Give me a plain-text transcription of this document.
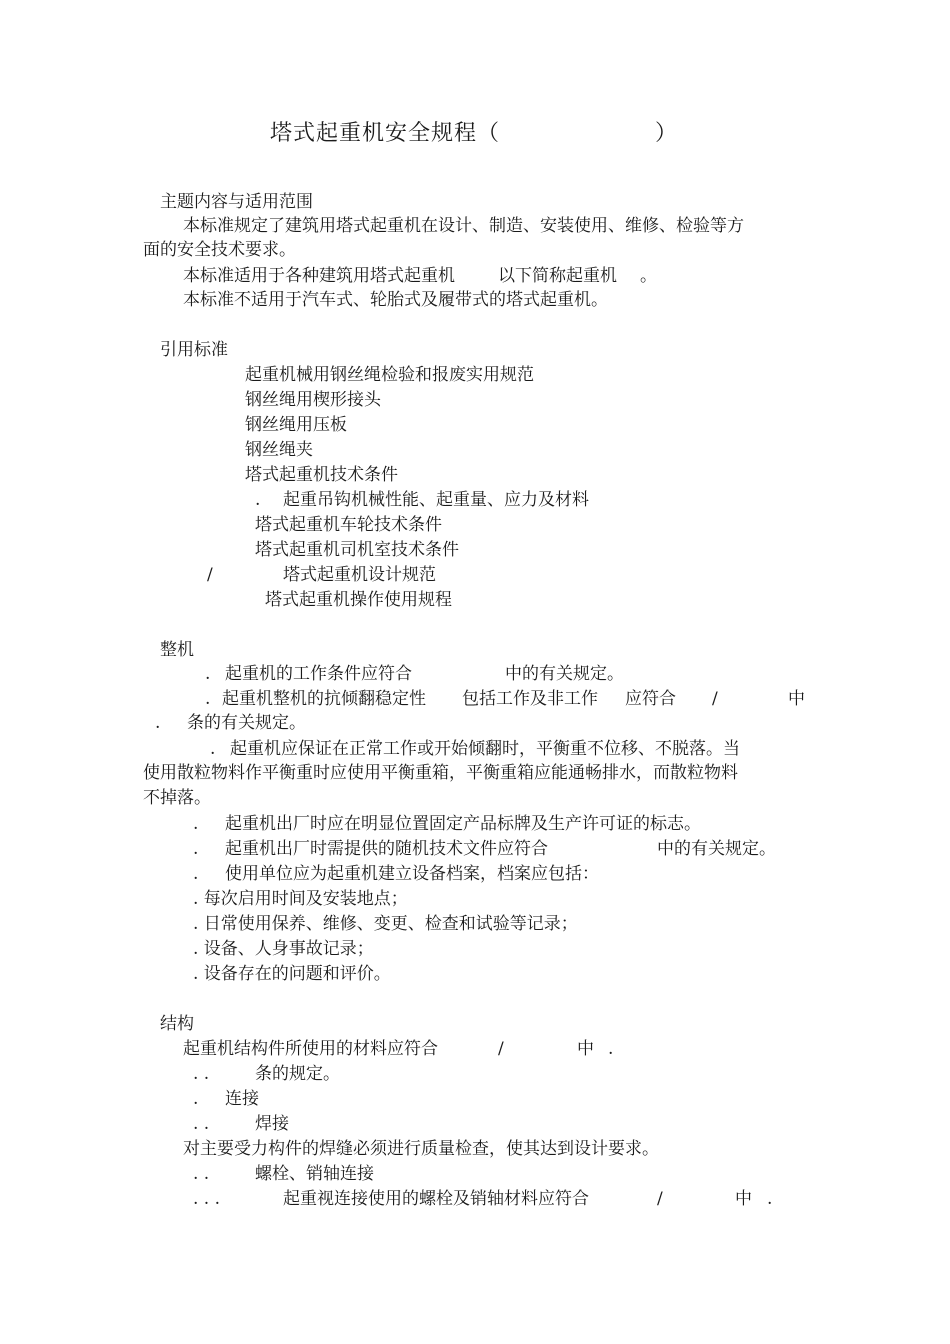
塔式起重机安全规程（	）
主题内容与适用范围
本标准规定了建筑用塔式起重机在设计、制造、安装使用、维修、检验等方
面的安全技术要求。
本标准适用于各种建筑用塔式起重机	以下简称起重机 。
本标准不适用于汽车式、轮胎式及履带式的塔式起重机。
引用标准
起重机械用钢丝绳检验和报废实用规范
钢丝绳用楔形接头
钢丝绳用压板
钢丝绳夹
塔式起重机技术条件
. 起重吊钩机械性能、起重量、应力及材料
塔式起重机车轮技术条件
塔式起重机司机室技术条件
/	塔式起重机设计规范
塔式起重机操作使用规程
整机
. 起重机的工作条件应符合	中的有关规定。
. 起重机整机的抗倾翻稳定性 包括工作及非工作 应符合 /	中
. 条的有关规定。
. 起重机应保证在正常工作或开始倾翻时，平衡重不位移、不脱落。当
使用散粒物料作平衡重时应使用平衡重箱，平衡重箱应能通畅排水，而散粒物料
不掉落。
. 起重机出厂时应在明显位置固定产品标牌及生产许可证的标志。
. 起重机出厂时需提供的随机技术文件应符合	中的有关规定。
. 使用单位应为起重机建立设备档案，档案应包括：
. 每次启用时间及安装地点；
. 日常使用保养、维修、变更、检查和试验等记录；
. 设备、人身事故记录；
. 设备存在的问题和评价。
结构
起重机结构件所使用的材料应符合	/	中 .
. .	条的规定。
. 连接
. .	焊接
对主要受力构件的焊缝必须进行质量检查，使其达到设计要求。
. .	螺栓、销轴连接
. . .	起重视连接使用的螺栓及销轴材料应符合	/	中 .
